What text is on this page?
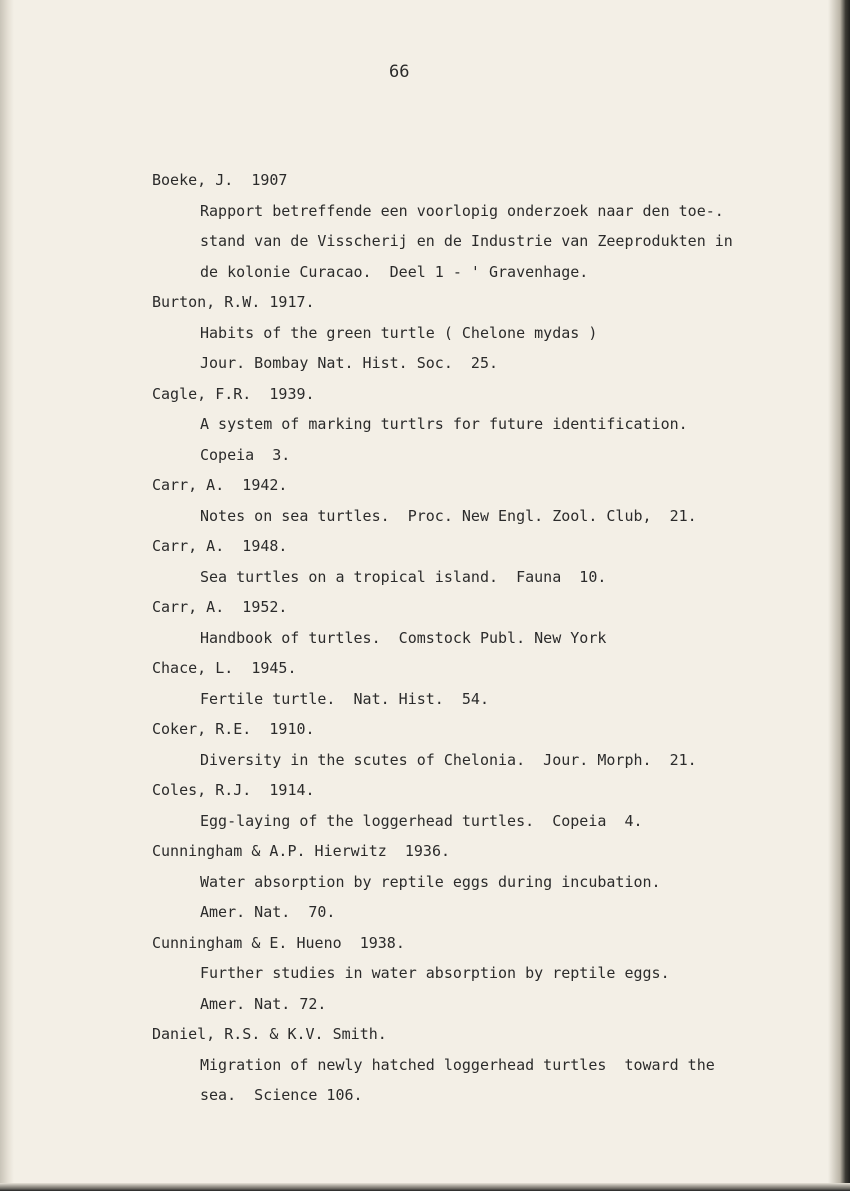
66
Boeke, J.  1907
Rapport betreffende een voorlopig onderzoek naar den toe-.
stand van de Visscherij en de Industrie van Zeeprodukten in
de kolonie Curacao.  Deel 1 - ' Gravenhage.
Burton, R.W. 1917.
Habits of the green turtle ( Chelone mydas )
Jour. Bombay Nat. Hist. Soc.  25.
Cagle, F.R.  1939.
A system of marking turtlrs for future identification.
Copeia  3.
Carr, A.  1942.
Notes on sea turtles.  Proc. New Engl. Zool. Club,  21.
Carr, A.  1948.
Sea turtles on a tropical island.  Fauna  10.
Carr, A.  1952.
Handbook of turtles.  Comstock Publ. New York
Chace, L.  1945.
Fertile turtle.  Nat. Hist.  54.
Coker, R.E.  1910.
Diversity in the scutes of Chelonia.  Jour. Morph.  21.
Coles, R.J.  1914.
Egg-laying of the loggerhead turtles.  Copeia  4.
Cunningham & A.P. Hierwitz  1936.
Water absorption by reptile eggs during incubation.
Amer. Nat.  70.
Cunningham & E. Hueno  1938.
Further studies in water absorption by reptile eggs.
Amer. Nat. 72.
Daniel, R.S. & K.V. Smith.
Migration of newly hatched loggerhead turtles  toward the
sea.  Science 106.
